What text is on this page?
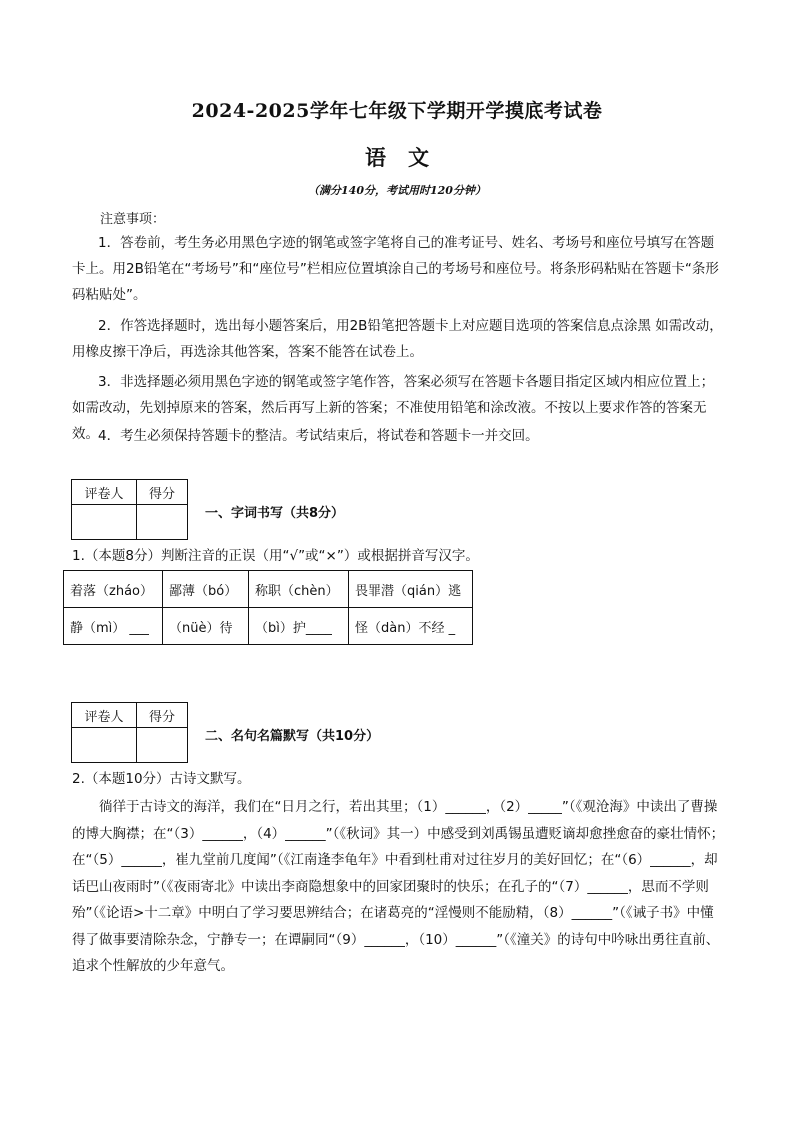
2024-2025学年七年级下学期开学摸底考试卷
语文
（满分140分，考试用时120分钟）
注意事项：
1．答卷前，考生务必用黑色字迹的钢笔或签字笔将自己的准考证号、姓名、考场号和座位号填写在答题卡上。用2B铅笔在“考场号”和“座位号”栏相应位置填涂自己的考场号和座位号。将条形码粘贴在答题卡“条形码粘贴处”。
2．作答选择题时，选出每小题答案后，用2B铅笔把答题卡上对应题目选项的答案信息点涂黑 如需改动，用橡皮擦干净后，再选涂其他答案，答案不能答在试卷上。
3．非选择题必须用黑色字迹的钢笔或签字笔作答，答案必须写在答题卡各题目指定区域内相应位置上；如需改动，先划掉原来的答案，然后再写上新的答案；不准使用铅笔和涂改液。不按以上要求作答的答案无效。 4．考生必须保持答题卡的整洁。考试结束后，将试卷和答题卡一并交回。
评卷人	得分

一、字词书写（共8分）
1.（本题8分）判断注音的正误（用“√”或“×”）或根据拼音写汉字。
着落（zháo）	鄙薄（bó）	称职（chèn）	畏罪潜（qián）逃
静（mì） ___	（nüè）待	（bì）护____	怪（dàn）不经 _
评卷人	得分

二、名句名篇默写（共10分）
2.（本题10分）古诗文默写。
徜徉于古诗文的海洋，我们在“日月之行，若出其里；（1）______，（2）_____”（《观沧海》中读出了曹操的博大胸襟；在“（3）______，（4）______”（《秋词》其一）中感受到刘禹锡虽遭贬谪却愈挫愈奋的豪壮情怀；在“（5）______，崔九堂前几度闻”（《江南逢李龟年》中看到杜甫对过往岁月的美好回忆；在“（6）______，却话巴山夜雨时”（《夜雨寄北》中读出李商隐想象中的回家团聚时的快乐；在孔子的“（7）______，思而不学则殆”（《论语>十二章》中明白了学习要思辨结合；在诸葛亮的“淫慢则不能励精，（8）______”（《诫子书》中懂得了做事要清除杂念，宁静专一；在谭嗣同“（9）______，（10）______”（《潼关》的诗句中吟咏出勇往直前、追求个性解放的少年意气。
